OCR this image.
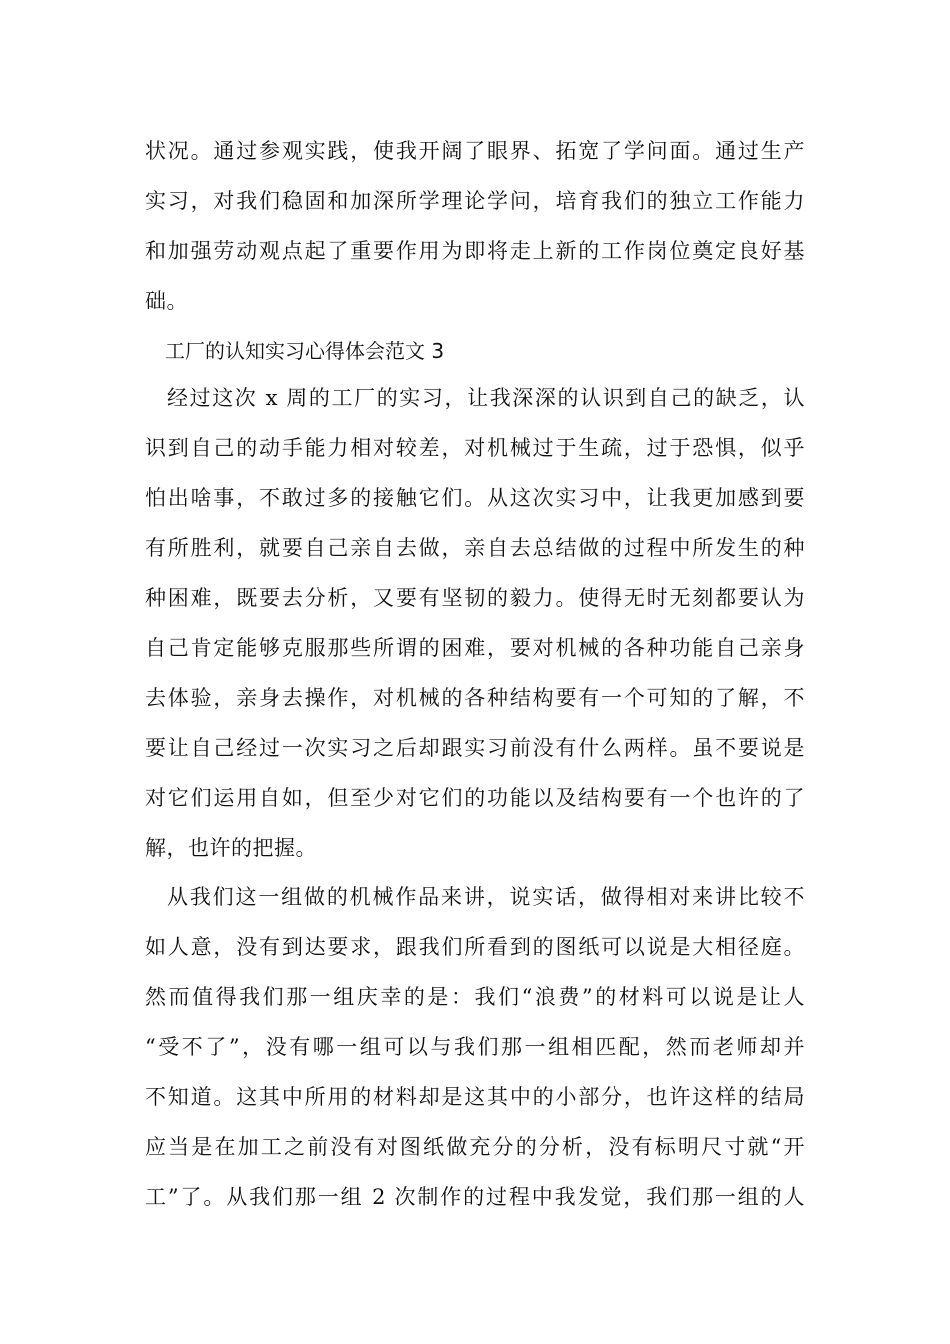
状况。通过参观实践，使我开阔了眼界、拓宽了学问面。通过生产
实习，对我们稳固和加深所学理论学问，培育我们的独立工作能力
和加强劳动观点起了重要作用为即将走上新的工作岗位奠定良好基
础。
工厂的认知实习心得体会范文 3
经过这次 x 周的工厂的实习，让我深深的认识到自己的缺乏，认
识到自己的动手能力相对较差，对机械过于生疏，过于恐惧，似乎
怕出啥事，不敢过多的接触它们。从这次实习中，让我更加感到要
有所胜利，就要自己亲自去做，亲自去总结做的过程中所发生的种
种困难，既要去分析，又要有坚韧的毅力。使得无时无刻都要认为
自己肯定能够克服那些所谓的困难，要对机械的各种功能自己亲身
去体验，亲身去操作，对机械的各种结构要有一个可知的了解，不
要让自己经过一次实习之后却跟实习前没有什么两样。虽不要说是
对它们运用自如，但至少对它们的功能以及结构要有一个也许的了
解，也许的把握。
从我们这一组做的机械作品来讲，说实话，做得相对来讲比较不
如人意，没有到达要求，跟我们所看到的图纸可以说是大相径庭。
然而值得我们那一组庆幸的是：我们“浪费”的材料可以说是让人
“受不了”，没有哪一组可以与我们那一组相匹配，然而老师却并
不知道。这其中所用的材料却是这其中的小部分，也许这样的结局
应当是在加工之前没有对图纸做充分的分析，没有标明尺寸就“开
工”了。从我们那一组 2 次制作的过程中我发觉，我们那一组的人
